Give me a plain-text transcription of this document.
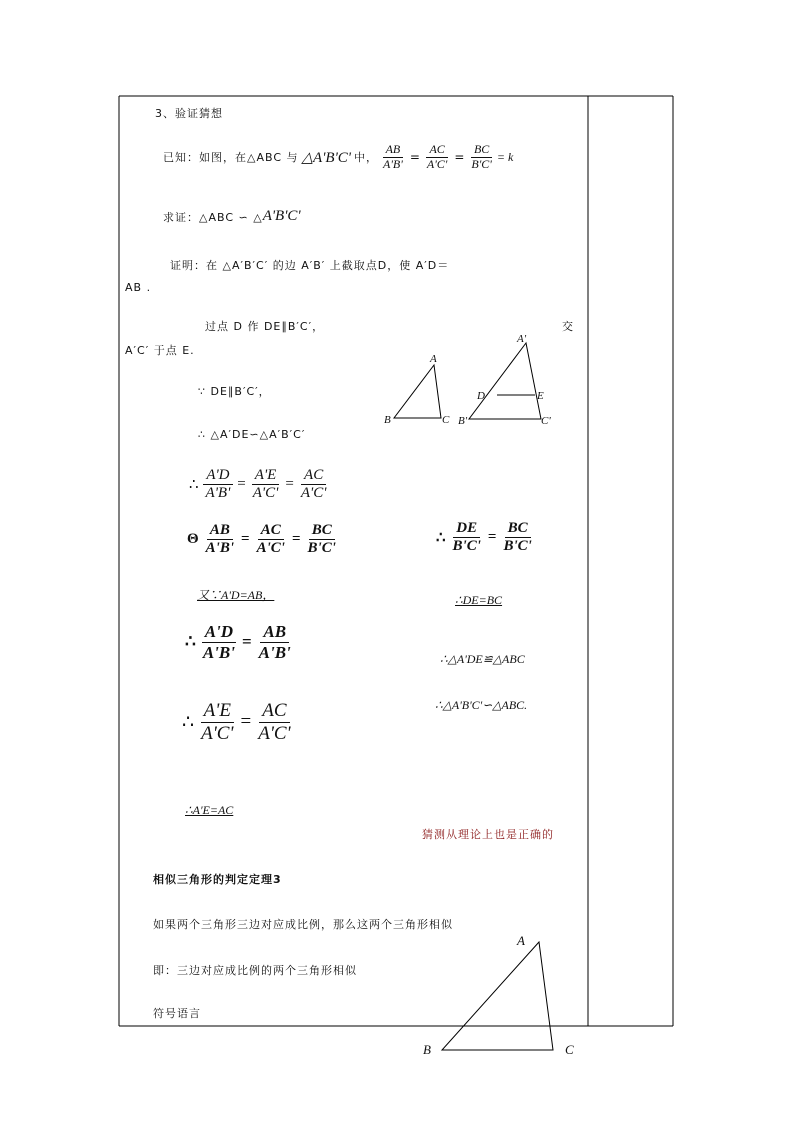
3、验证猜想
已知：如图，在△ABC 与 △A'B'C' 中， $\frac{AB}{A'B'} = \frac{AC}{A'C'} = \frac{BC}{B'C'} = k$
求证：△ABC ∽ △ A'B'C'
证明：在 △A′B′C′ 的边 A′B′ 上截取点D，使 A′D＝
AB .
过点 D 作 DE∥B′C′，	交
A′C′ 于点 E.
∵ DE∥B′C′，
∴ △A′DE∽△A′B′C′
A
B	C
A'
D	E
B'	C'
∴ $\frac{A'D}{A'B'} = \frac{A'E}{A'C'} = \frac{AC}{A'C'}$
Θ $\frac{AB}{A'B'} = \frac{AC}{A'C'} = \frac{BC}{B'C'}$	∴ $\frac{DE}{B'C'} = \frac{BC}{B'C'}$
又∵A'D=AB，	∴DE=BC
∴ $\frac{A'D}{A'B'} = \frac{AB}{A'B'}$	∴△A'DE≌△ABC
∴△A'B'C'∽△ABC.
∴ $\frac{A'E}{A'C'} = \frac{AC}{A'C'}$
∴A'E=AC
猜测从理论上也是正确的
相似三角形的判定定理3
如果两个三角形三边对应成比例，那么这两个三角形相似
即：三边对应成比例的两个三角形相似
符号语言
A
B	C
